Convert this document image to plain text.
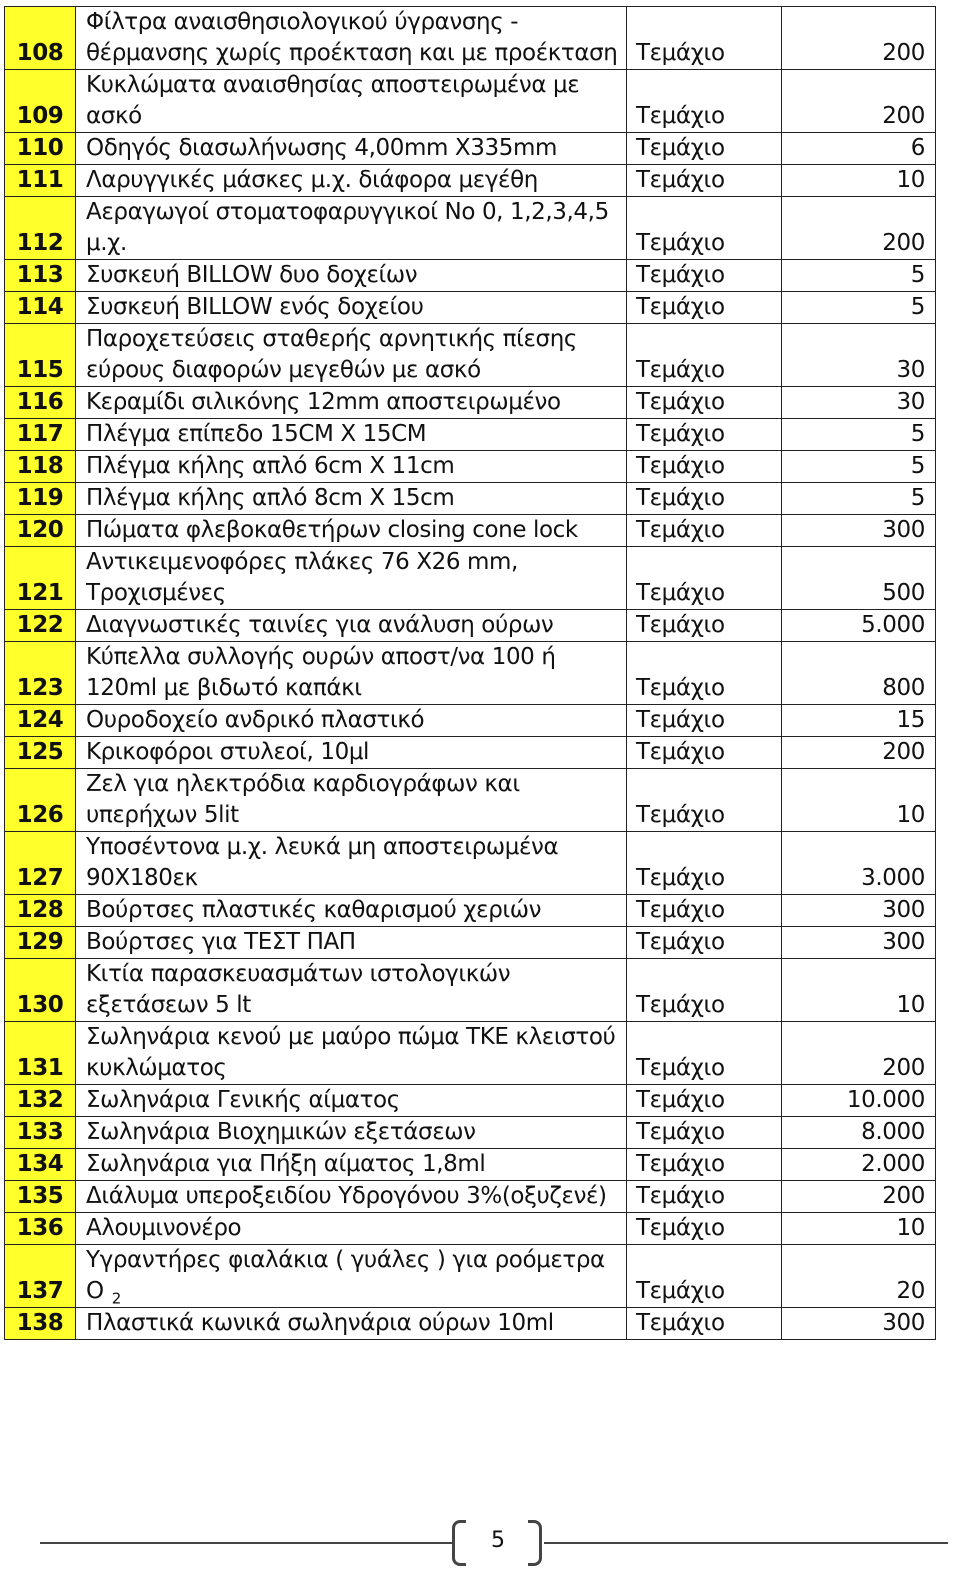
108	Φίλτρα αναισθησιολογικού ύγρανσης - θέρμανσης χωρίς προέκταση και με προέκταση	Τεμάχιο	200
109	Κυκλώματα αναισθησίας αποστειρωμένα με ασκό	Τεμάχιο	200
110	Οδηγός διασωλήνωσης 4,00mm Χ335mm	Τεμάχιο	6
111	Λαρυγγικές μάσκες μ.χ. διάφορα μεγέθη	Τεμάχιο	10
112	Αεραγωγοί στοματοφαρυγγικοί Νο 0, 1,2,3,4,5 μ.χ.	Τεμάχιο	200
113	Συσκευή BILLOW δυο δοχείων	Τεμάχιο	5
114	Συσκευή BILLOW ενός δοχείου	Τεμάχιο	5
115	Παροχετεύσεις σταθερής αρνητικής πίεσης εύρους διαφορών μεγεθών με ασκό	Τεμάχιο	30
116	Κεραμίδι σιλικόνης 12mm αποστειρωμένο	Τεμάχιο	30
117	Πλέγμα επίπεδο 15CM X 15CM	Τεμάχιο	5
118	Πλέγμα κήλης απλό 6cm X 11cm	Τεμάχιο	5
119	Πλέγμα κήλης απλό 8cm X 15cm	Τεμάχιο	5
120	Πώματα φλεβοκαθετήρων closing cone lock	Τεμάχιο	300
121	Αντικειμενοφόρες πλάκες 76 Χ26 mm, Τροχισμένες	Τεμάχιο	500
122	Διαγνωστικές ταινίες για ανάλυση ούρων	Τεμάχιο	5.000
123	Κύπελλα συλλογής ουρών αποστ/να 100 ή 120ml με βιδωτό καπάκι	Τεμάχιο	800
124	Ουροδοχείο ανδρικό πλαστικό	Τεμάχιο	15
125	Κρικοφόροι στυλεοί, 10μl	Τεμάχιο	200
126	Ζελ για ηλεκτρόδια καρδιογράφων και υπερήχων 5lit	Τεμάχιο	10
127	Υποσέντονα μ.χ. λευκά μη αποστειρωμένα 90Χ180εκ	Τεμάχιο	3.000
128	Βούρτσες πλαστικές καθαρισμού χεριών	Τεμάχιο	300
129	Βούρτσες για ΤΕΣΤ ΠΑΠ	Τεμάχιο	300
130	Κιτία παρασκευασμάτων ιστολογικών εξετάσεων 5 lt	Τεμάχιο	10
131	Σωληνάρια κενού με μαύρο πώμα ΤΚΕ κλειστού κυκλώματος	Τεμάχιο	200
132	Σωληνάρια Γενικής αίματος	Τεμάχιο	10.000
133	Σωληνάρια Βιοχημικών εξετάσεων	Τεμάχιο	8.000
134	Σωληνάρια για Πήξη αίματος 1,8ml	Τεμάχιο	2.000
135	Διάλυμα υπεροξειδίου Υδρογόνου 3%(οξυζενέ)	Τεμάχιο	200
136	Αλουμινονέρο	Τεμάχιο	10
137	Υγραντήρες φιαλάκια ( γυάλες ) για ροόμετρα Ο $_2$	Τεμάχιο	20
138	Πλαστικά κωνικά σωληνάρια ούρων 10ml	Τεμάχιο	300
5
